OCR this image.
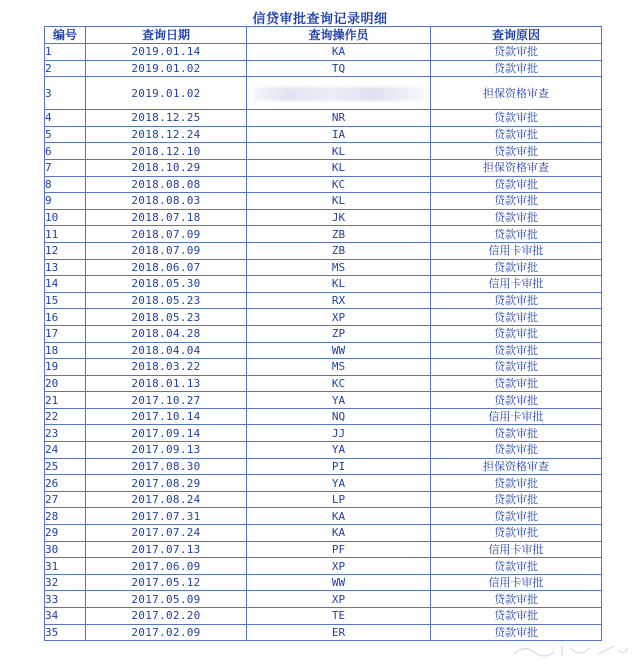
信贷审批查询记录明细
编号	查询日期	查询操作员	查询原因
1	2019.01.14	KA	贷款审批
2	2019.01.02	TQ	贷款审批
3	2019.01.02		担保资格审查
4	2018.12.25	NR	贷款审批
5	2018.12.24	IA	贷款审批
6	2018.12.10	KL	贷款审批
7	2018.10.29	KL	担保资格审查
8	2018.08.08	KC	贷款审批
9	2018.08.03	KL	贷款审批
10	2018.07.18	JK	贷款审批
11	2018.07.09	ZB	贷款审批
12	2018.07.09	ZB	信用卡审批
13	2018.06.07	MS	贷款审批
14	2018.05.30	KL	信用卡审批
15	2018.05.23	RX	贷款审批
16	2018.05.23	XP	贷款审批
17	2018.04.28	ZP	贷款审批
18	2018.04.04	WW	贷款审批
19	2018.03.22	MS	贷款审批
20	2018.01.13	KC	贷款审批
21	2017.10.27	YA	贷款审批
22	2017.10.14	NQ	信用卡审批
23	2017.09.14	JJ	贷款审批
24	2017.09.13	YA	贷款审批
25	2017.08.30	PI	担保资格审查
26	2017.08.29	YA	贷款审批
27	2017.08.24	LP	贷款审批
28	2017.07.31	KA	贷款审批
29	2017.07.24	KA	贷款审批
30	2017.07.13	PF	信用卡审批
31	2017.06.09	XP	贷款审批
32	2017.05.12	WW	信用卡审批
33	2017.05.09	XP	贷款审批
34	2017.02.20	TE	贷款审批
35	2017.02.09	ER	贷款审批
